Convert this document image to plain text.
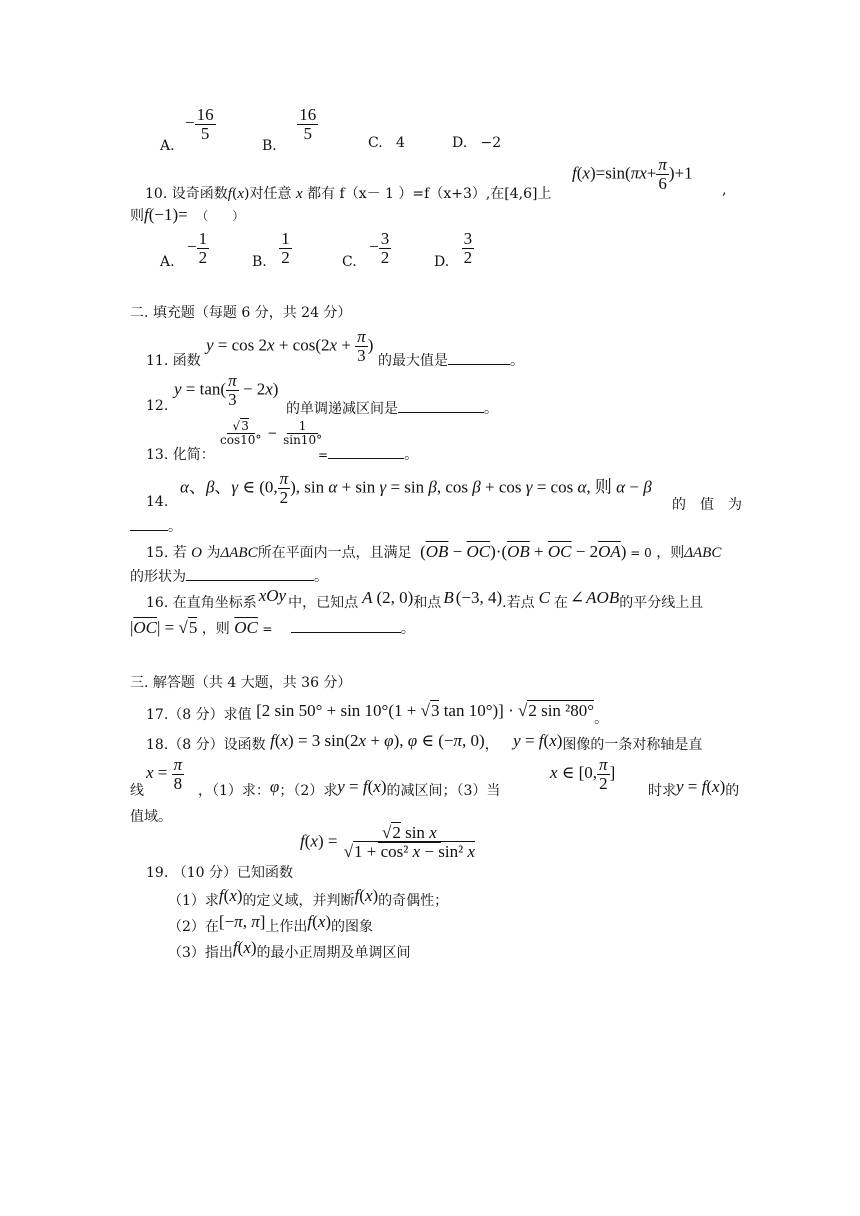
A. − $\frac{16}{5}$
B.
$\frac{16}{5}$
C. 4	D. −2
$f(x)=\sin(\pi x+ \frac{\pi}{6} )+1$
,
10. 设奇函数f(x)对任意 x 都有 f（x－ 1 ）=f（x+3）,在[4,6]上
则f(−1)= （　　）
A. − $\frac{1}{2}$	B. $\frac{1}{2}$	C. − $\frac{3}{2}$	D. $\frac{3}{2}$
二. 填充题（每题 6 分，共 24 分）
11. 函数
$y = \cos 2x + \cos(2x + \frac{\pi}{3}$ )
的最大值是	。
12.
$y = \tan( \frac{\pi}{3} - 2x)$
的单调递减区间是	。
13. 化简：
$\frac{√3}{\cos 10^\circ} - \frac{1}{\sin 10^\circ}$
=	。
14.
α、β、γ ∈ (0, $\frac{\pi}{2}$ ), sin α + sin γ = sin β, cos β + cos γ = cos α, 则 α − β
的　值　为
。
15. 若 O 为ΔABC所在平面内一点，且满足 $(\overline{OB} - \overline{OC})\cdot(\overline{OB} + \overline{OC} - 2\overline{OA}) = 0$ ，则ΔABC
的形状为	。
16. 在直角坐标系 xOy 中，已知点 A (2, 0)和点 B (−3, 4).若点 C 在 ∠ AOB的平分线上且
$|\overline{OC}| = √5$ ，则 $\overline{OC}$ =	。
三. 解答题（共 4 大题，共 36 分）
17.（8 分）求值 [2 sin 50° + sin 10°(1 + √3 tan 10°)] · √2 sin ²80°。
18.（8 分）设函数 f(x) = 3 sin(2x + φ), φ ∈ (−π, 0)， y = f(x)图像的一条对称轴是直
$x = \frac{\pi}{8}$
线	，（1）求：φ；（2）求y = f(x)的减区间；（3）当
x ∈ [0, $\frac{\pi}{2}$ ]
时求y = f(x)的
值域。
19. （10 分）已知函数
$f(x) = \frac{\text{√2 sin x}}{\text{√1 + cos² x − sin² x}}$
（1）求f(x)的定义域，并判断f(x)的奇偶性；
（2）在[−π, π]上作出f(x)的图象
（3）指出f(x)的最小正周期及单调区间
